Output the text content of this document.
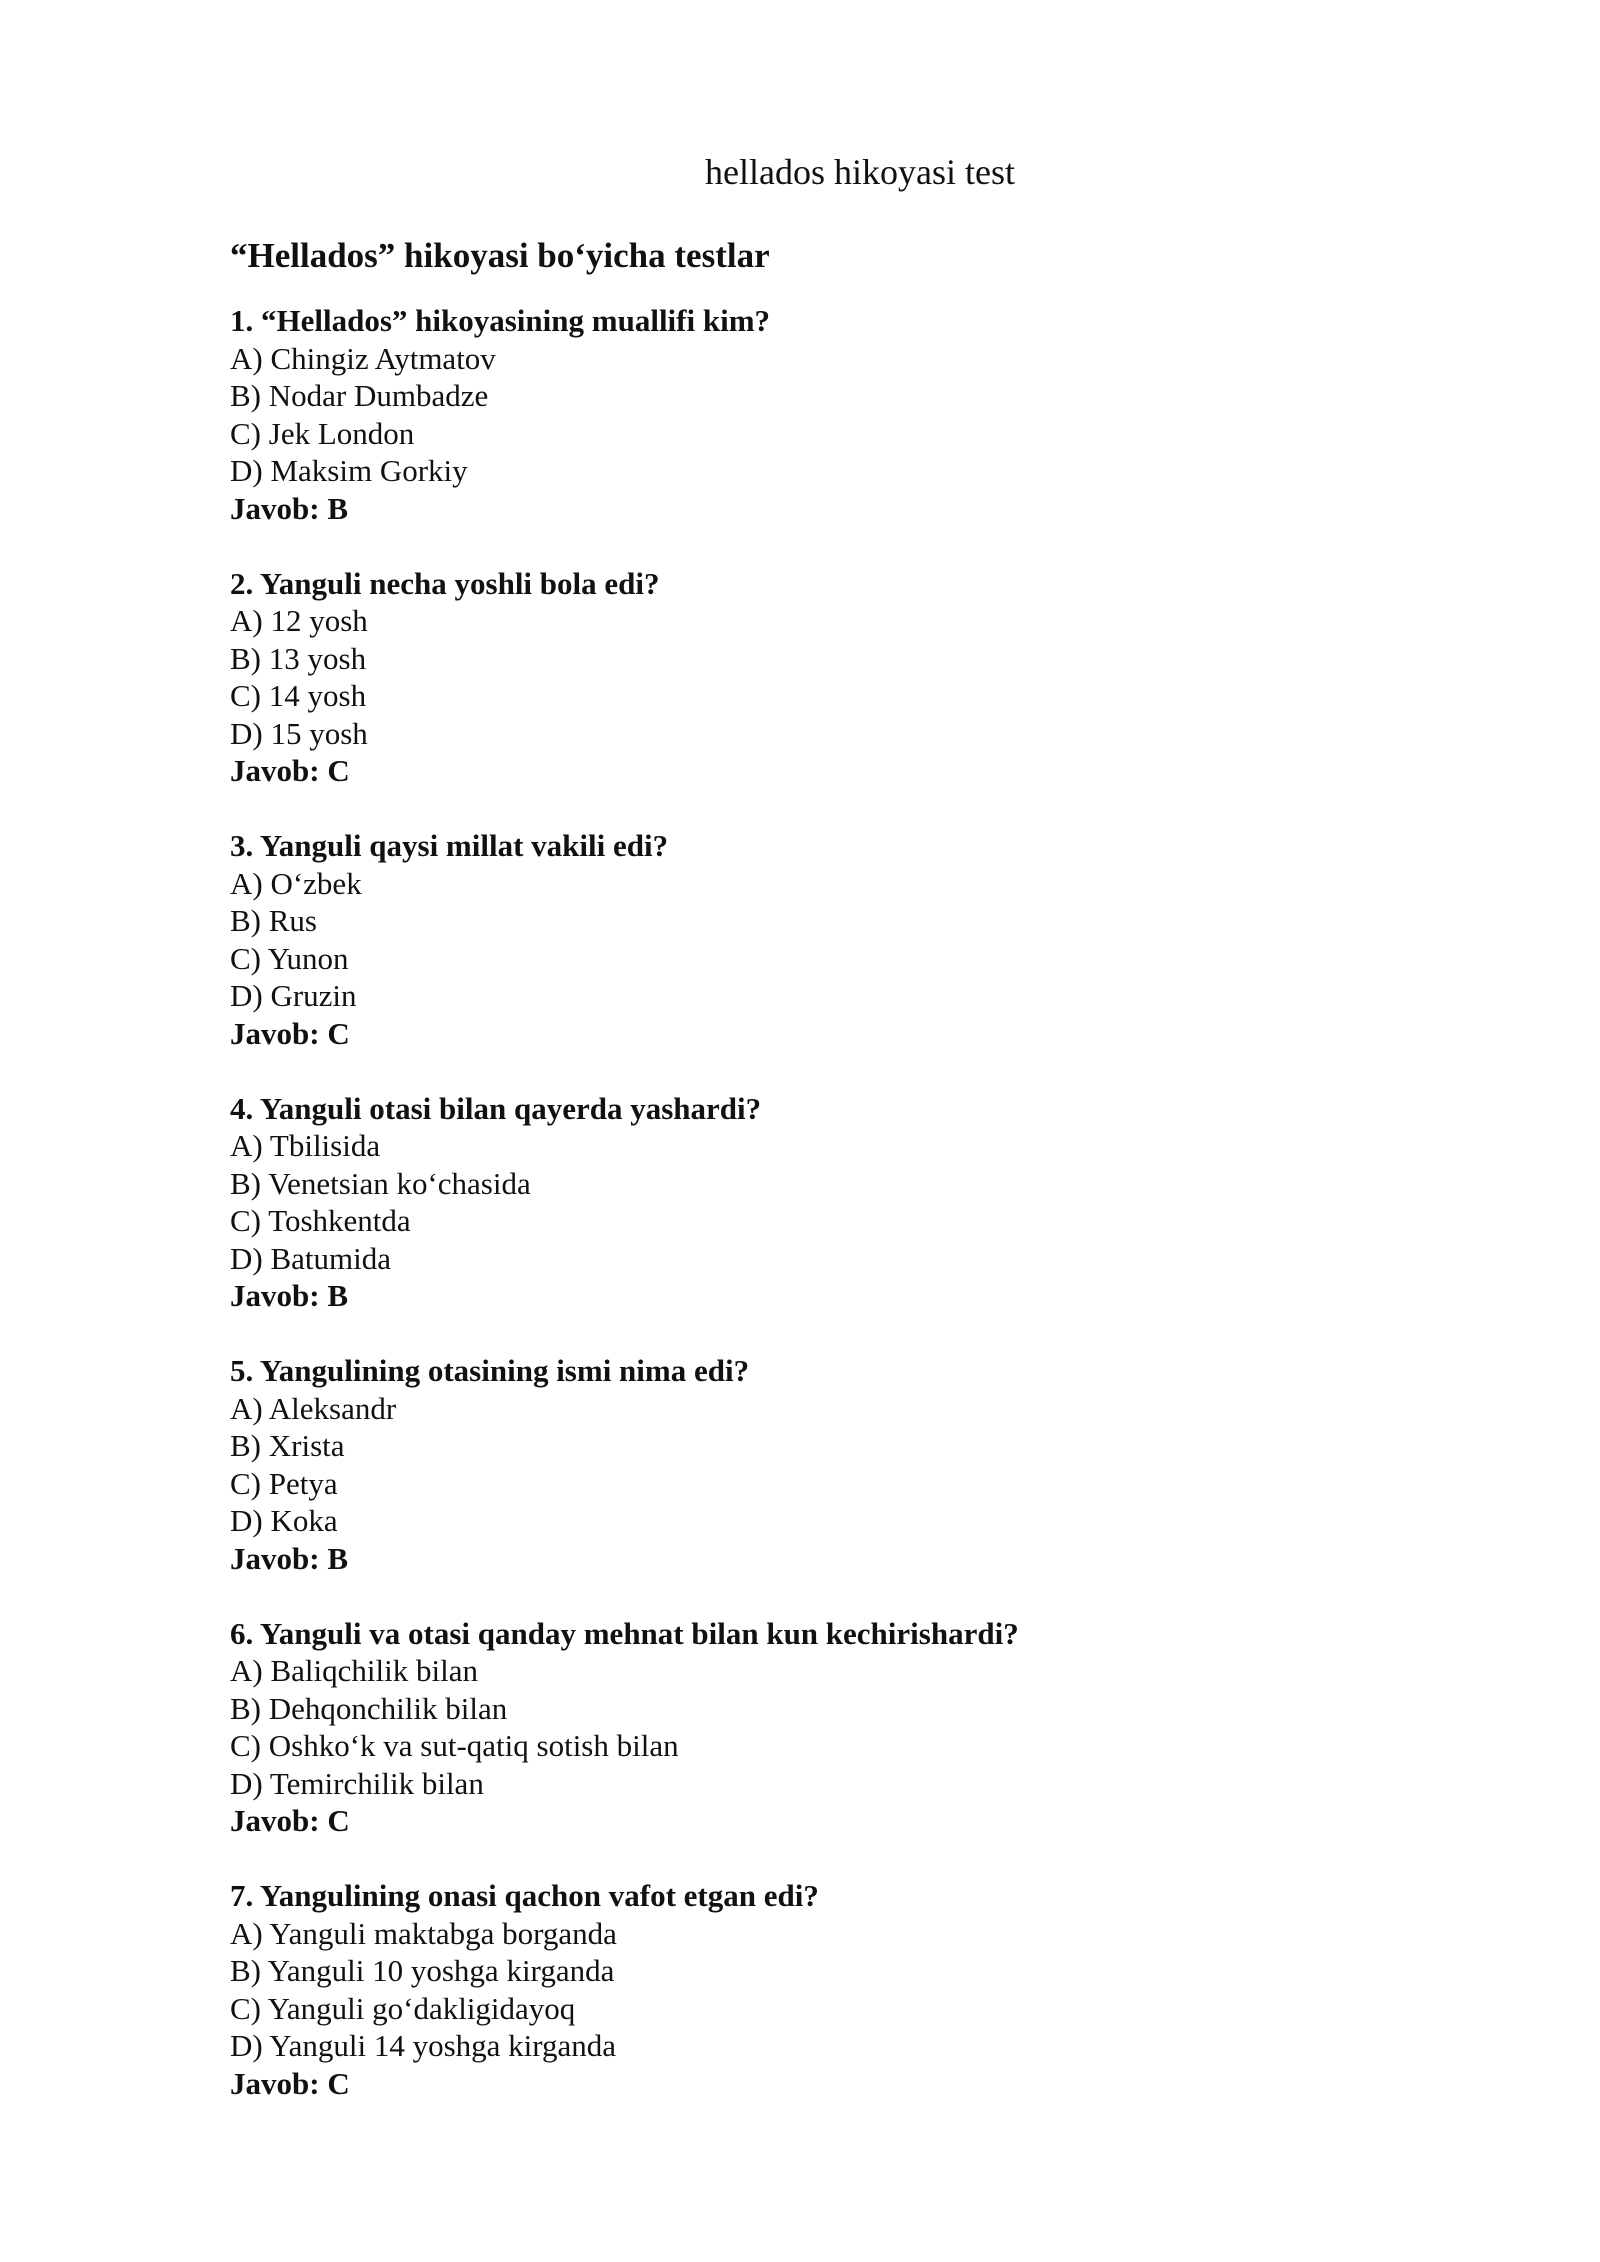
hellados hikoyasi test
“Hellados” hikoyasi bo‘yicha testlar
1. “Hellados” hikoyasining muallifi kim?
A) Chingiz Aytmatov
B) Nodar Dumbadze
C) Jek London
D) Maksim Gorkiy
Javob: B
2. Yanguli necha yoshli bola edi?
A) 12 yosh
B) 13 yosh
C) 14 yosh
D) 15 yosh
Javob: C
3. Yanguli qaysi millat vakili edi?
A) O‘zbek
B) Rus
C) Yunon
D) Gruzin
Javob: C
4. Yanguli otasi bilan qayerda yashardi?
A) Tbilisida
B) Venetsian ko‘chasida
C) Toshkentda
D) Batumida
Javob: B
5. Yangulining otasining ismi nima edi?
A) Aleksandr
B) Xrista
C) Petya
D) Koka
Javob: B
6. Yanguli va otasi qanday mehnat bilan kun kechirishardi?
A) Baliqchilik bilan
B) Dehqonchilik bilan
C) Oshko‘k va sut-qatiq sotish bilan
D) Temirchilik bilan
Javob: C
7. Yangulining onasi qachon vafot etgan edi?
A) Yanguli maktabga borganda
B) Yanguli 10 yoshga kirganda
C) Yanguli go‘dakligidayoq
D) Yanguli 14 yoshga kirganda
Javob: C
